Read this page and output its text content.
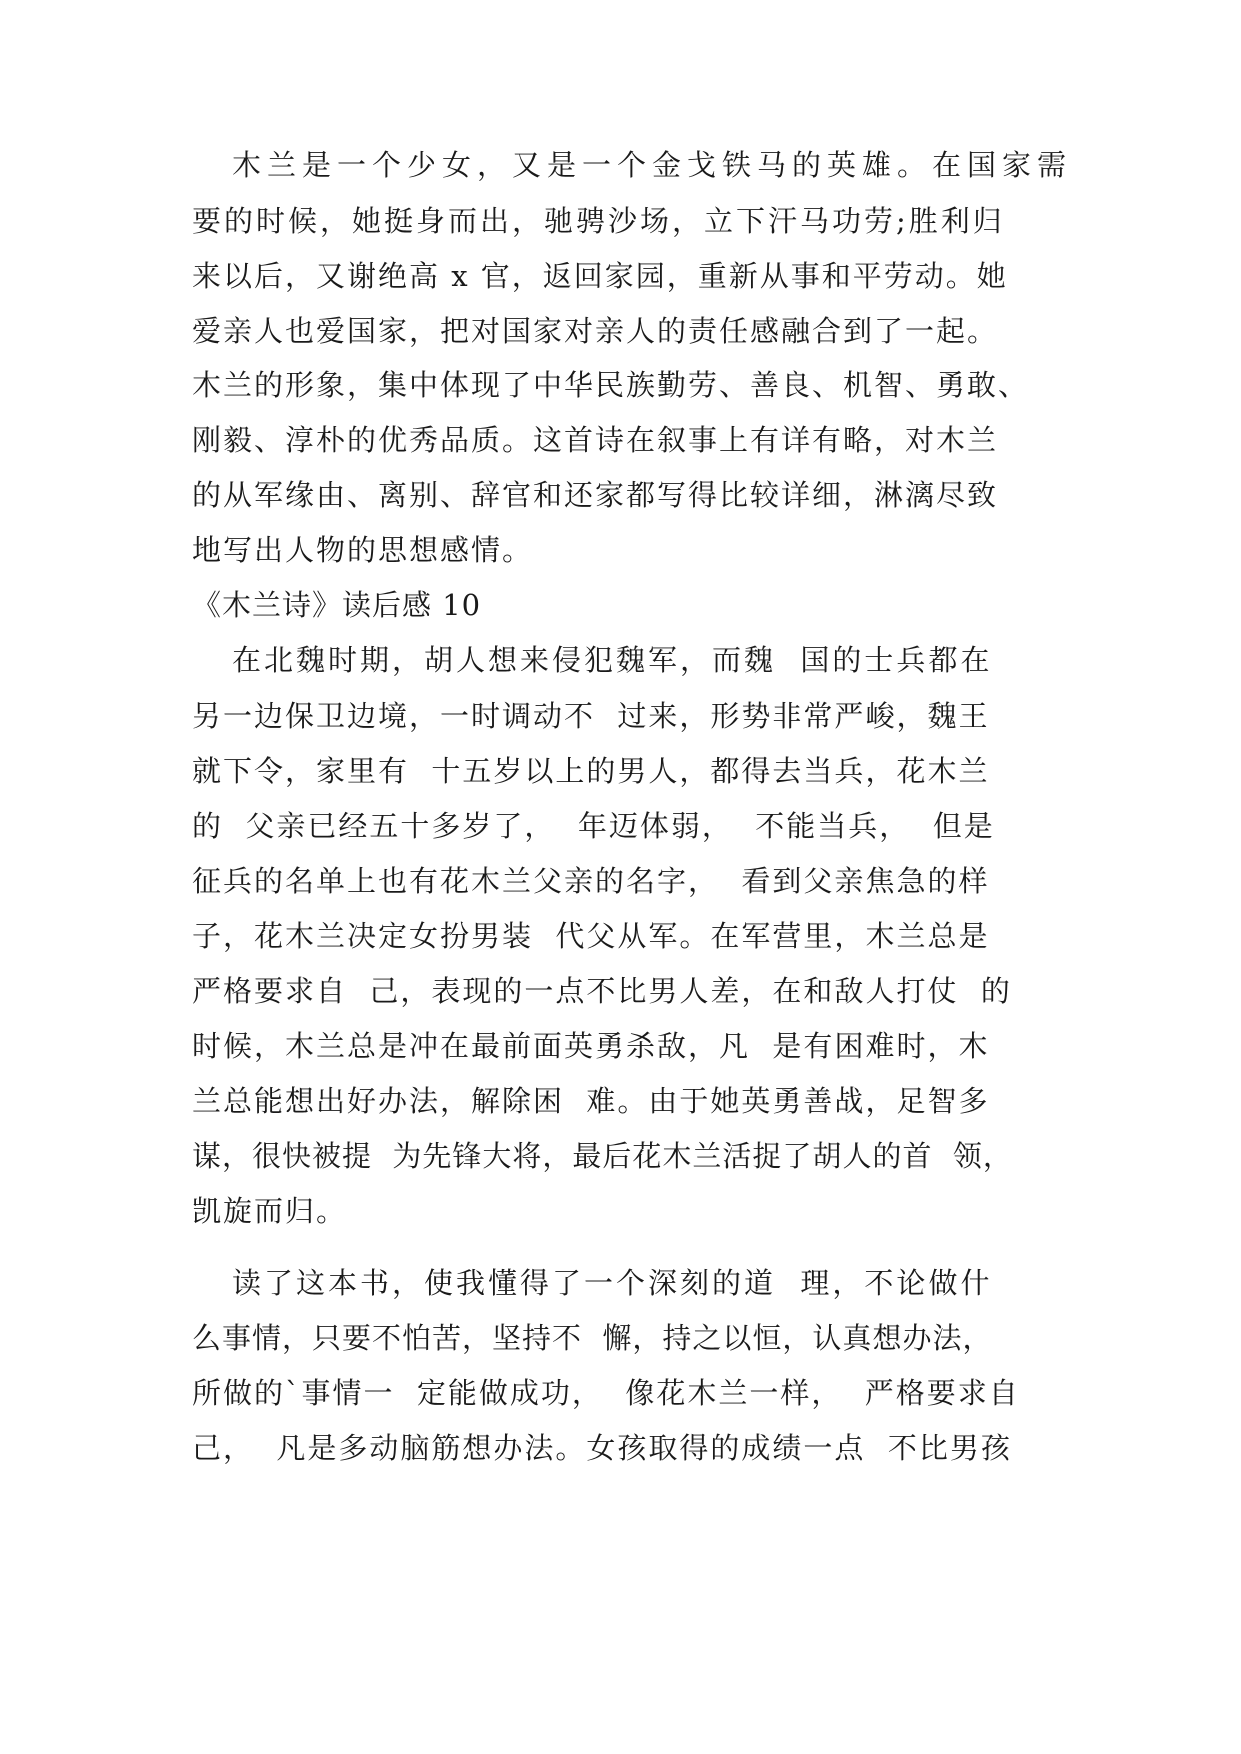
木兰是一个少女，又是一个金戈铁马的英雄。在国家需
要的时候，她挺身而出，驰骋沙场，立下汗马功劳;胜利归
来以后，又谢绝高 x 官，返回家园，重新从事和平劳动。她
爱亲人也爱国家，把对国家对亲人的责任感融合到了一起。
木兰的形象，集中体现了中华民族勤劳、善良、机智、勇敢、
刚毅、淳朴的优秀品质。这首诗在叙事上有详有略，对木兰
的从军缘由、离别、辞官和还家都写得比较详细，淋漓尽致
地写出人物的思想感情。
《木兰诗》读后感 10
在北魏时期，胡人想来侵犯魏军，而魏  国的士兵都在
另一边保卫边境，一时调动不  过来，形势非常严峻，魏王
就下令，家里有  十五岁以上的男人，都得去当兵，花木兰
的  父亲已经五十多岁了，  年迈体弱，  不能当兵，  但是
征兵的名单上也有花木兰父亲的名字，  看到父亲焦急的样
子，花木兰决定女扮男装  代父从军。在军营里，木兰总是
严格要求自  己，表现的一点不比男人差，在和敌人打仗  的
时候，木兰总是冲在最前面英勇杀敌，凡  是有困难时，木
兰总能想出好办法，解除困  难。由于她英勇善战，足智多
谋，很快被提  为先锋大将，最后花木兰活捉了胡人的首  领，
凯旋而归。
读了这本书，使我懂得了一个深刻的道  理，不论做什
么事情，只要不怕苦，坚持不  懈，持之以恒，认真想办法，
所做的`事情一  定能做成功，  像花木兰一样，  严格要求自
己，  凡是多动脑筋想办法。女孩取得的成绩一点  不比男孩
